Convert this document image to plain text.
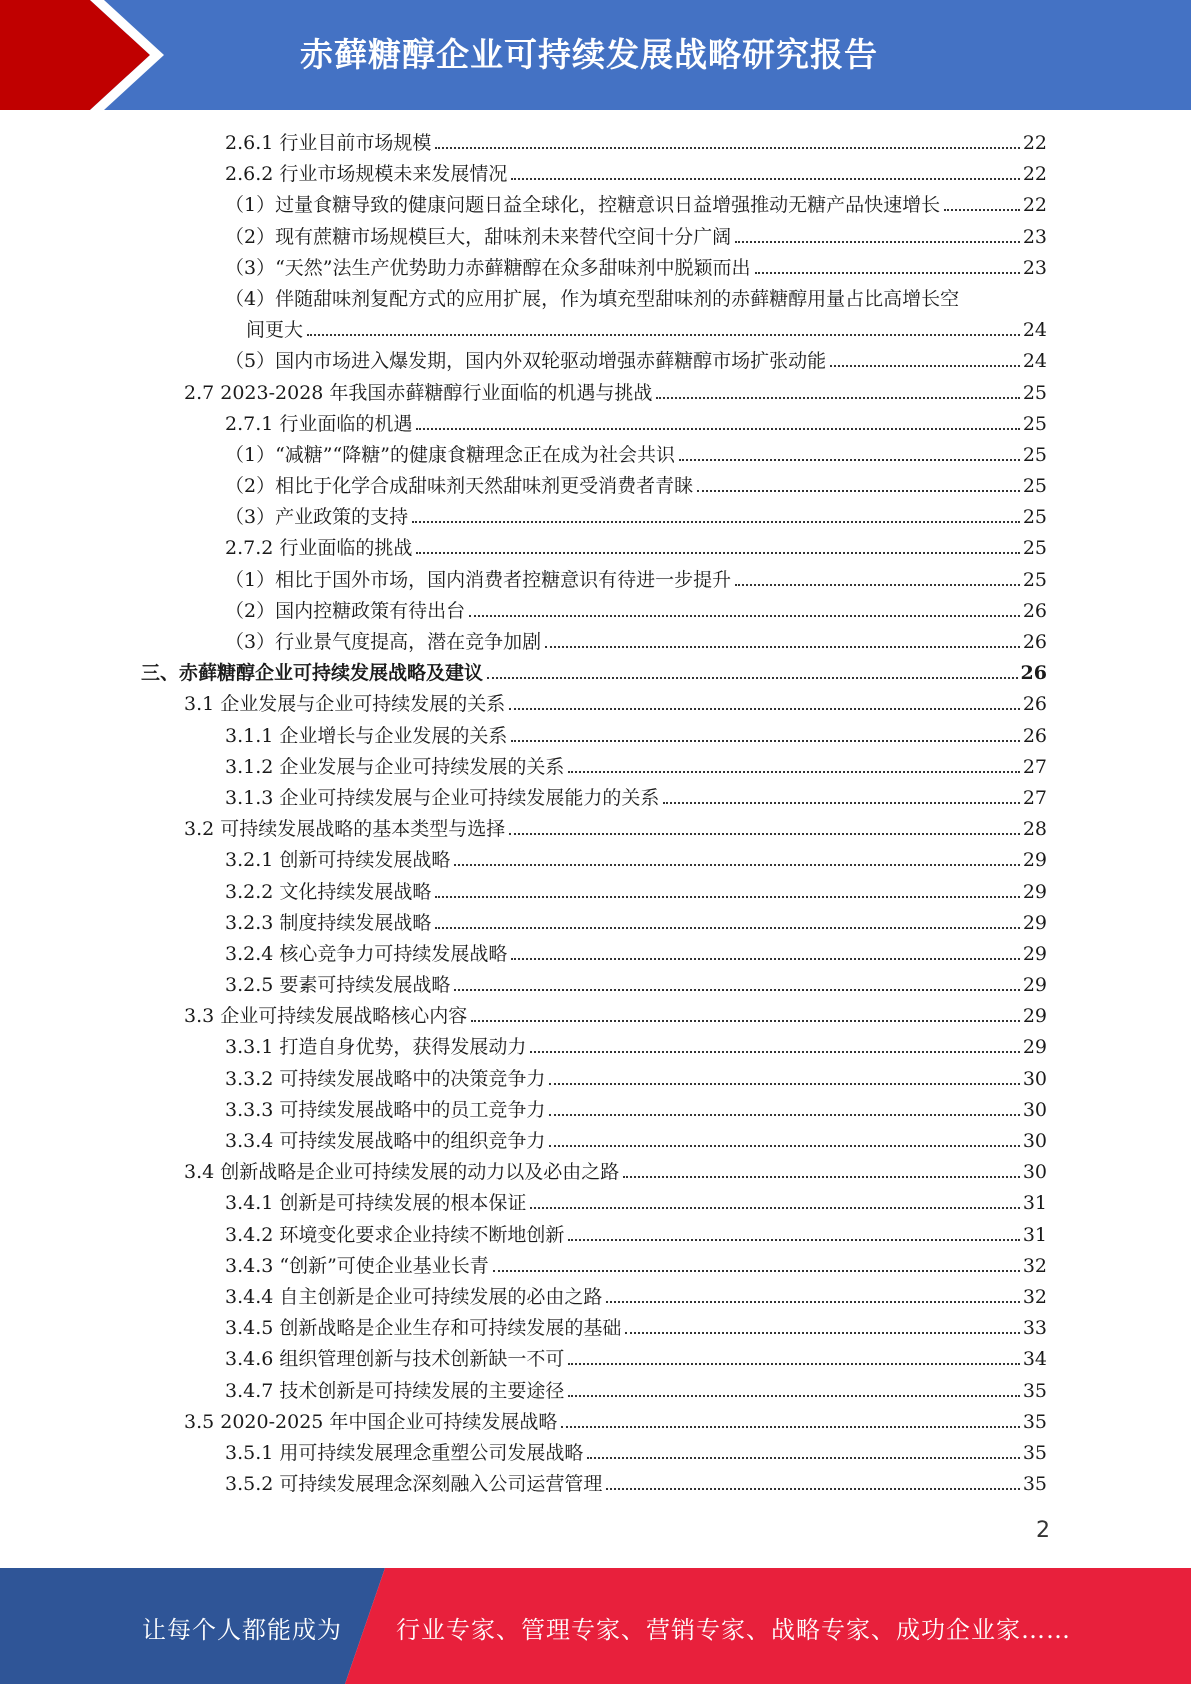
赤藓糖醇企业可持续发展战略研究报告
2.6.1 行业目前市场规模	22
2.6.2 行业市场规模未来发展情况	22
（1）过量食糖导致的健康问题日益全球化，控糖意识日益增强推动无糖产品快速增长	22
（2）现有蔗糖市场规模巨大，甜味剂未来替代空间十分广阔	23
（3）“天然”法生产优势助力赤藓糖醇在众多甜味剂中脱颖而出	23
（4）伴随甜味剂复配方式的应用扩展，作为填充型甜味剂的赤藓糖醇用量占比高增长空
间更大	24
（5）国内市场进入爆发期，国内外双轮驱动增强赤藓糖醇市场扩张动能	24
2.7 2023-2028 年我国赤藓糖醇行业面临的机遇与挑战	25
2.7.1 行业面临的机遇	25
（1）“减糖”“降糖”的健康食糖理念正在成为社会共识	25
（2）相比于化学合成甜味剂天然甜味剂更受消费者青睐	25
（3）产业政策的支持	25
2.7.2 行业面临的挑战	25
（1）相比于国外市场，国内消费者控糖意识有待进一步提升	25
（2）国内控糖政策有待出台	26
（3）行业景气度提高，潜在竞争加剧	26
三、赤藓糖醇企业可持续发展战略及建议	26
3.1 企业发展与企业可持续发展的关系	26
3.1.1 企业增长与企业发展的关系	26
3.1.2 企业发展与企业可持续发展的关系	27
3.1.3 企业可持续发展与企业可持续发展能力的关系	27
3.2 可持续发展战略的基本类型与选择	28
3.2.1 创新可持续发展战略	29
3.2.2 文化持续发展战略	29
3.2.3 制度持续发展战略	29
3.2.4 核心竞争力可持续发展战略	29
3.2.5 要素可持续发展战略	29
3.3 企业可持续发展战略核心内容	29
3.3.1 打造自身优势，获得发展动力	29
3.3.2 可持续发展战略中的决策竞争力	30
3.3.3 可持续发展战略中的员工竞争力	30
3.3.4 可持续发展战略中的组织竞争力	30
3.4 创新战略是企业可持续发展的动力以及必由之路	30
3.4.1 创新是可持续发展的根本保证	31
3.4.2 环境变化要求企业持续不断地创新	31
3.4.3 “创新”可使企业基业长青	32
3.4.4 自主创新是企业可持续发展的必由之路	32
3.4.5 创新战略是企业生存和可持续发展的基础	33
3.4.6 组织管理创新与技术创新缺一不可	34
3.4.7 技术创新是可持续发展的主要途径	35
3.5 2020-2025 年中国企业可持续发展战略	35
3.5.1 用可持续发展理念重塑公司发展战略	35
3.5.2 可持续发展理念深刻融入公司运营管理	35
2
让每个人都能成为 行业专家、管理专家、营销专家、战略专家、成功企业家……
